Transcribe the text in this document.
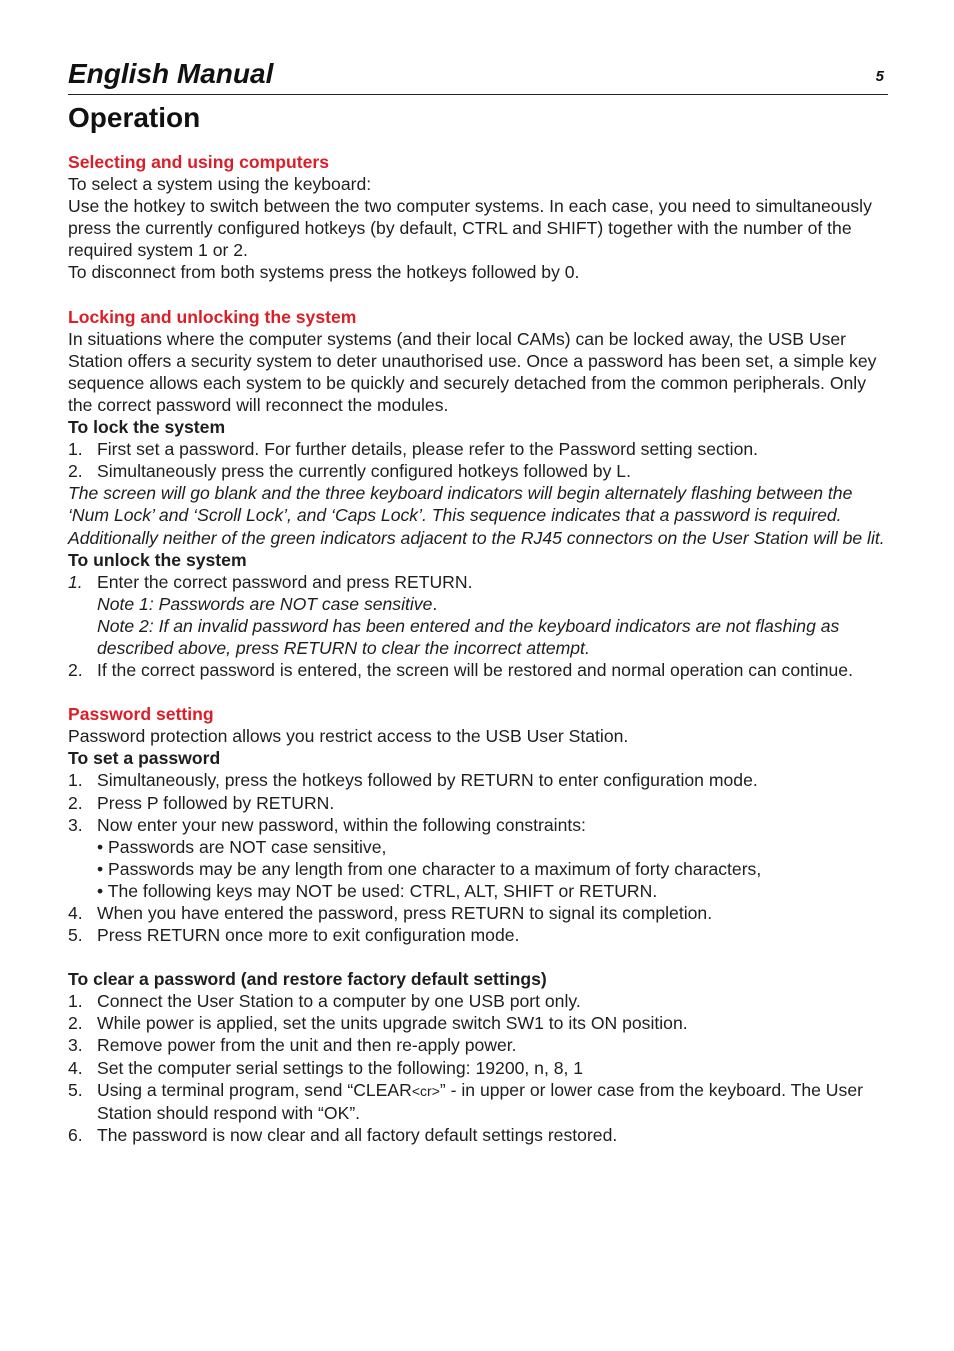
English Manual	5
Operation

Selecting and using computers

To select a system using the keyboard:

Use the hotkey to switch between the two computer systems. In each case, you need to simultaneously press the currently configured hotkeys (by default, CTRL and SHIFT) together with the number of the required system 1 or 2.

To disconnect from both systems press the hotkeys followed by 0.

Locking and unlocking the system

In situations where the computer systems (and their local CAMs) can be locked away, the USB User Station offers a security system to deter unauthorised use. Once a password has been set, a simple key sequence allows each system to be quickly and securely detached from the common peripherals. Only the correct password will reconnect the modules.

To lock the system

1. First set a password. For further details, please refer to the Password setting section.
2. Simultaneously press the currently configured hotkeys followed by L.

The screen will go blank and the three keyboard indicators will begin alternately flashing between the ‘Num Lock’ and ‘Scroll Lock’, and ‘Caps Lock’. This sequence indicates that a password is required. Additionally neither of the green indicators adjacent to the RJ45 connectors on the User Station will be lit.

To unlock the system

1. Enter the correct password and press RETURN.

Note 1: Passwords are NOT case sensitive.

Note 2: If an invalid password has been entered and the keyboard indicators are not flashing as described above, press RETURN to clear the incorrect attempt.

2. If the correct password is entered, the screen will be restored and normal operation can continue.

Password setting

Password protection allows you restrict access to the USB User Station.

To set a password

1. Simultaneously, press the hotkeys followed by RETURN to enter configuration mode.
2. Press P followed by RETURN.
3. Now enter your new password, within the following constraints:

• Passwords are NOT case sensitive,

• Passwords may be any length from one character to a maximum of forty characters,

• The following keys may NOT be used: CTRL, ALT, SHIFT or RETURN.

4. When you have entered the password, press RETURN to signal its completion.
5. Press RETURN once more to exit configuration mode.

To clear a password (and restore factory default settings)

1. Connect the User Station to a computer by one USB port only.
2. While power is applied, set the units upgrade switch SW1 to its ON position.
3. Remove power from the unit and then re-apply power.
4. Set the computer serial settings to the following: 19200, n, 8, 1
5. Using a terminal program, send “CLEAR<cr>” - in upper or lower case from the keyboard. The User Station should respond with “OK”.
6. The password is now clear and all factory default settings restored.
